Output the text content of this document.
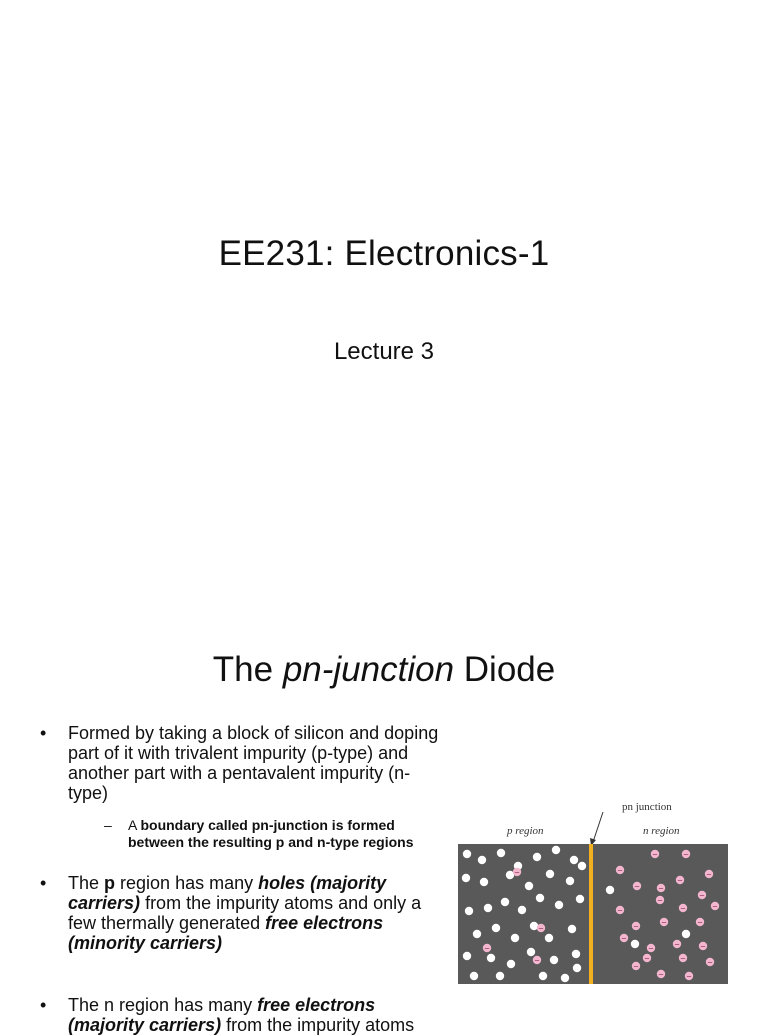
EE231: Electronics-1
Lecture 3
The pn-junction Diode
• Formed by taking a block of silicon and doping part of it with trivalent impurity (p-type) and another part with a pentavalent impurity (n-type)
– A boundary called pn-junction is formed between the resulting p and n-type regions
• The p region has many holes (majority carriers) from the impurity atoms and only a few thermally generated free electrons (minority carriers)
• The n region has many free electrons (majority carriers) from the impurity atoms
pn junction
p region	n region
−
−
−
−
−
−	−
−
−	−
−
−
−
−
−	−
−	−	−
−
−	−	−
−	−	−
−
−	−
